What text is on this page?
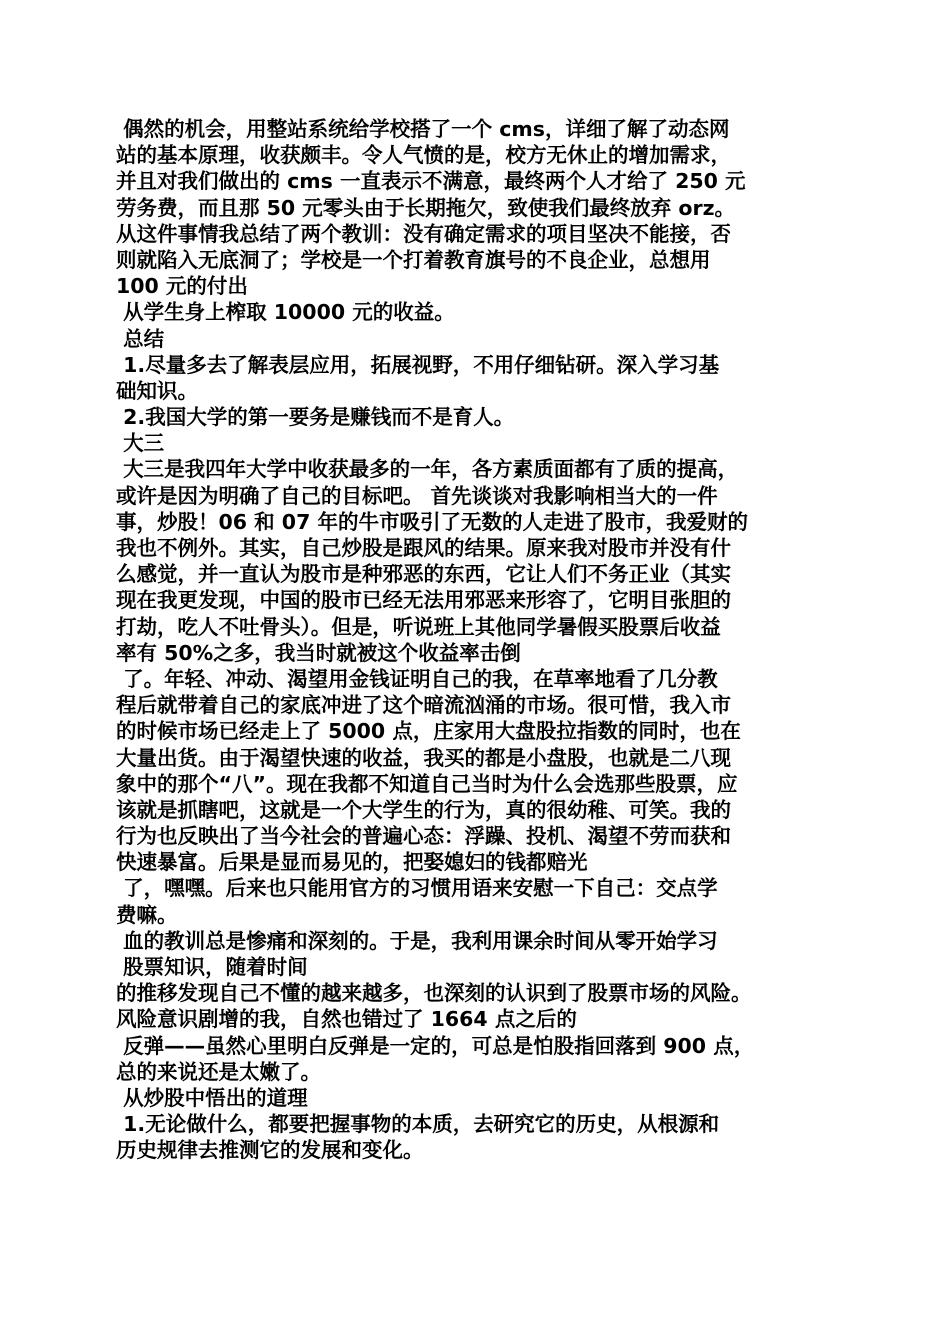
偶然的机会，用整站系统给学校搭了一个 cms，详细了解了动态网
站的基本原理，收获颇丰。令人气愤的是，校方无休止的增加需求，
并且对我们做出的 cms 一直表示不满意，最终两个人才给了 250 元
劳务费，而且那 50 元零头由于长期拖欠，致使我们最终放弃 orz。
从这件事情我总结了两个教训：没有确定需求的项目坚决不能接，否
则就陷入无底洞了；学校是一个打着教育旗号的不良企业，总想用
100 元的付出
从学生身上榨取 10000 元的收益。
总结
1.尽量多去了解表层应用，拓展视野，不用仔细钻研。深入学习基
础知识。
2.我国大学的第一要务是赚钱而不是育人。
大三
大三是我四年大学中收获最多的一年，各方素质面都有了质的提高，
或许是因为明确了自己的目标吧。 首先谈谈对我影响相当大的一件
事，炒股！06 和 07 年的牛市吸引了无数的人走进了股市，我爱财的
我也不例外。其实，自己炒股是跟风的结果。原来我对股市并没有什
么感觉，并一直认为股市是种邪恶的东西，它让人们不务正业（其实
现在我更发现，中国的股市已经无法用邪恶来形容了，它明目张胆的
打劫，吃人不吐骨头）。但是，听说班上其他同学暑假买股票后收益
率有 50%之多，我当时就被这个收益率击倒
了。年轻、冲动、渴望用金钱证明自己的我，在草率地看了几分教
程后就带着自己的家底冲进了这个暗流汹涌的市场。很可惜，我入市
的时候市场已经走上了 5000 点，庄家用大盘股拉指数的同时，也在
大量出货。由于渴望快速的收益，我买的都是小盘股，也就是二八现
象中的那个“八”。现在我都不知道自己当时为什么会选那些股票，应
该就是抓瞎吧，这就是一个大学生的行为，真的很幼稚、可笑。我的
行为也反映出了当今社会的普遍心态：浮躁、投机、渴望不劳而获和
快速暴富。后果是显而易见的，把娶媳妇的钱都赔光
了，嘿嘿。后来也只能用官方的习惯用语来安慰一下自己：交点学
费嘛。
血的教训总是惨痛和深刻的。于是，我利用课余时间从零开始学习
股票知识，随着时间
的推移发现自己不懂的越来越多，也深刻的认识到了股票市场的风险。
风险意识剧增的我，自然也错过了 1664 点之后的
反弹——虽然心里明白反弹是一定的，可总是怕股指回落到 900 点，
总的来说还是太嫩了。
从炒股中悟出的道理
1.无论做什么，都要把握事物的本质，去研究它的历史，从根源和
历史规律去推测它的发展和变化。
